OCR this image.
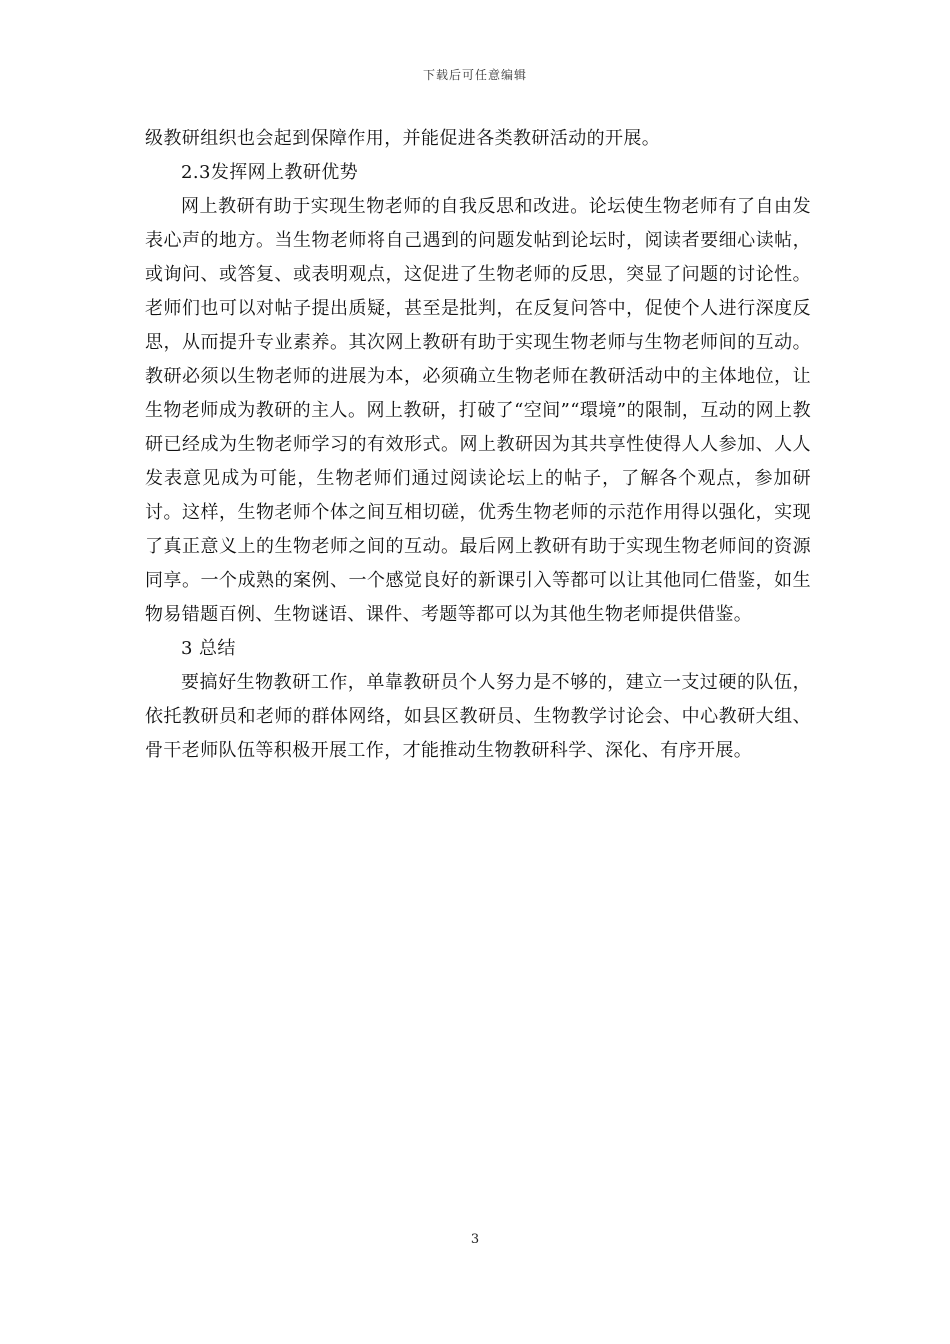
下载后可任意编辑

级教研组织也会起到保障作用，并能促进各类教研活动的开展。

2.3发挥网上教研优势

网上教研有助于实现生物老师的自我反思和改进。论坛使生物老师有了自由发表心声的地方。当生物老师将自己遇到的问题发帖到论坛时，阅读者要细心读帖，或询问、或答复、或表明观点，这促进了生物老师的反思，突显了问题的讨论性。老师们也可以对帖子提出质疑，甚至是批判，在反复问答中，促使个人进行深度反思，从而提升专业素养。其次网上教研有助于实现生物老师与生物老师间的互动。教研必须以生物老师的进展为本，必须确立生物老师在教研活动中的主体地位，让生物老师成为教研的主人。网上教研，打破了“空间”“環境”的限制，互动的网上教研已经成为生物老师学习的有效形式。网上教研因为其共享性使得人人参加、人人发表意见成为可能，生物老师们通过阅读论坛上的帖子，了解各个观点，参加研讨。这样，生物老师个体之间互相切磋，优秀生物老师的示范作用得以强化，实现了真正意义上的生物老师之间的互动。最后网上教研有助于实现生物老师间的资源同享。一个成熟的案例、一个感觉良好的新课引入等都可以让其他同仁借鉴，如生物易错题百例、生物谜语、课件、考题等都可以为其他生物老师提供借鉴。

3 总结

要搞好生物教研工作，单靠教研员个人努力是不够的，建立一支过硬的队伍，依托教研员和老师的群体网络，如县区教研员、生物教学讨论会、中心教研大组、骨干老师队伍等积极开展工作，才能推动生物教研科学、深化、有序开展。

3
